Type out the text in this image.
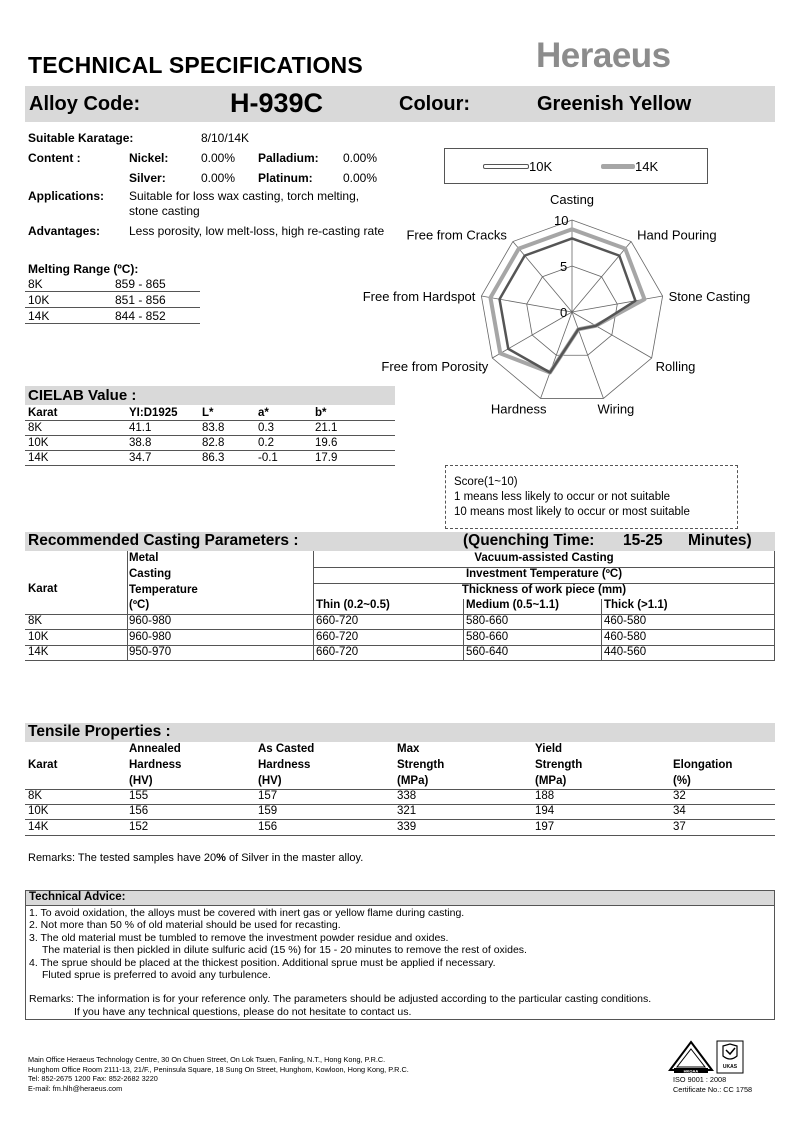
TECHNICAL SPECIFICATIONS	Heraeus
Alloy Code:	H-939C	Colour:	Greenish Yellow
Suitable Karatage:	8/10/14K
Content :	Nickel:	0.00% Palladium: 0.00%
Silver:	0.00% Platinum:	0.00%
Applications: Suitable for loss wax casting, torch melting,
stone casting
Advantages: Less porosity, low melt-loss, high re-casting rate
Melting Range (ºC):
8K	859 - 865
10K	851 - 856
14K	844 - 852
10K	14K
0
5
10
Casting
Hand Pouring
Stone Casting
Rolling
Wiring
Hardness
Free from Porosity
Free from Hardspot
Free from Cracks
Score(1~10)
1 means less likely to occur or not suitable
10 means most likely to occur or most suitable
CIELAB Value :
Karat	YI:D1925 L*	a*	b*
8K	41.1	83.8	0.3	21.1
10K	38.8	82.8	0.2	19.6
14K	34.7	86.3	-0.1	17.9
Recommended Casting Parameters :	(Quenching Time: 15-25 Minutes)
Karat
Metal
Casting
Temperature
(ºC)
Vacuum-assisted Casting
Investment Temperature (ºC)
Thickness of work piece (mm)
Thin (0.2~0.5)	Medium (0.5~1.1)	Thick (>1.1)
8K	960-980	660-720	580-660	460-580
10K	960-980	660-720	580-660	460-580
14K	950-970	660-720	560-640	440-560
Tensile Properties :
Karat
Annealed
Hardness
(HV)
As Casted
Hardness
(HV)
Max
Strength
(MPa)
Yield
Strength
(MPa)
Elongation
(%)
8K	155	157	338	188	32
10K	156	159	321	194	34
14K	152	156	339	197	37
Remarks: The tested samples have 20% of Silver in the master alloy.
Technical Advice:
1. To avoid oxidation, the alloys must be covered with inert gas or yellow flame during casting.
2. Not more than 50 % of old material should be used for recasting.
3. The old material must be tumbled to remove the investment powder residue and oxides.
The material is then pickled in dilute sulfuric acid (15 %) for 15 - 20 minutes to remove the rest of oxides.
4. The sprue should be placed at the thickest position. Additional sprue must be applied if necessary.
Fluted sprue is preferred to avoid any turbulence.
Remarks: The information is for your reference only. The parameters should be adjusted according to the particular casting conditions.
If you have any technical questions, please do not hesitate to contact us.
Main Office Heraeus Technology Centre, 30 On Chuen Street, On Lok Tsuen, Fanling, N.T., Hong Kong, P.R.C.
Hunghom Office Room 2111-13, 21/F., Peninsula Square, 18 Sung On Street, Hunghom, Kowloon, Hong Kong, P.R.C.
Tel: 852-2675 1200 Fax: 852-2682 3220
E-mail: fm.hlh@heraeus.com
HKQAA
UKAS
ISO 9001 : 2008
Certificate No.: CC 1758
